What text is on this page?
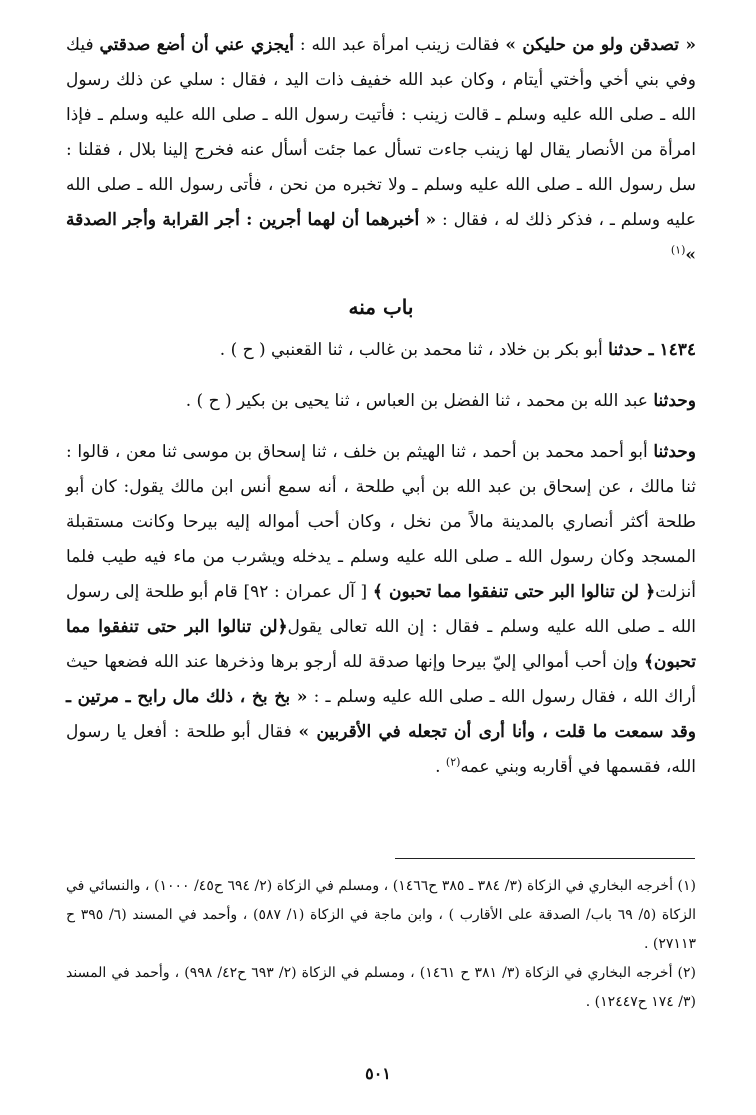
« تصدقن ولو من حليكن » فقالت زينب امرأة عبد الله : أيجزي عني أن أضع صدقتي فيك وفي بني أخي وأختي أيتام ، وكان عبد الله خفيف ذات اليد ، فقال : سلي عن ذلك رسول الله ـ صلى الله عليه وسلم ـ قالت زينب : فأتيت رسول الله ـ صلى الله عليه وسلم ـ فإذا امرأة من الأنصار يقال لها زينب جاءت تسأل عما جئت أسأل عنه فخرج إلينا بلال ، فقلنا : سل رسول الله ـ صلى الله عليه وسلم ـ ولا تخبره من نحن ، فأتى رسول الله ـ صلى الله عليه وسلم ـ ، فذكر ذلك له ، فقال : « أخبرهما أن لهما أجرين : أجر القرابة وأجر الصدقة »$^{(١)}$

باب منه

١٤٣٤ ـ حدثنا أبو بكر بن خلاد ، ثنا محمد بن غالب ، ثنا القعنبي ( ح ) .

وحدثنا عبد الله بن محمد ، ثنا الفضل بن العباس ، ثنا يحيى بن بكير ( ح ) .

وحدثنا أبو أحمد محمد بن أحمد ، ثنا الهيثم بن خلف ، ثنا إسحاق بن موسى ثنا معن ، قالوا : ثنا مالك ، عن إسحاق بن عبد الله بن أبي طلحة ، أنه سمع أنس ابن مالك يقول: كان أبو طلحة أكثر أنصاري بالمدينة مالاً من نخل ، وكان أحب أمواله إليه بيرحا وكانت مستقبلة المسجد وكان رسول الله ـ صلى الله عليه وسلم ـ يدخله ويشرب من ماء فيه طيب فلما أنزلت﴿ لن تنالوا البر حتى تنفقوا مما تحبون ﴾ [ آل عمران : ٩٢] قام أبو طلحة إلى رسول الله ـ صلى الله عليه وسلم ـ فقال : إن الله تعالى يقول﴿لن تنالوا البر حتى تنفقوا مما تحبون﴾ وإن أحب أموالي إليّ بيرحا وإنها صدقة لله أرجو برها وذخرها عند الله فضعها حيث أراك الله ، فقال رسول الله ـ صلى الله عليه وسلم ـ : « بخ بخ ، ذلك مال رابح ـ مرتين ـ وقد سمعت ما قلت ، وأنا أرى أن تجعله في الأقربين » فقال أبو طلحة : أفعل يا رسول الله، فقسمها في أقاربه وبني عمه$^{(٢)}$ .

(١) أخرجه البخاري في الزكاة (٣/ ٣٨٤ ـ ٣٨٥ ح١٤٦٦) ، ومسلم في الزكاة (٢/ ٦٩٤ ح٤٥/ ١٠٠٠) ، والنسائي في الزكاة (٥/ ٦٩ باب/ الصدقة على الأقارب ) ، وابن ماجة في الزكاة (١/ ٥٨٧) ، وأحمد في المسند (٦/ ٣٩٥ ح ٢٧١١٣) .

(٢) أخرجه البخاري في الزكاة (٣/ ٣٨١ ح ١٤٦١) ، ومسلم في الزكاة (٢/ ٦٩٣ ح٤٢/ ٩٩٨) ، وأحمد في المسند (٣/ ١٧٤ ح١٢٤٤٧) .

٥٠١
